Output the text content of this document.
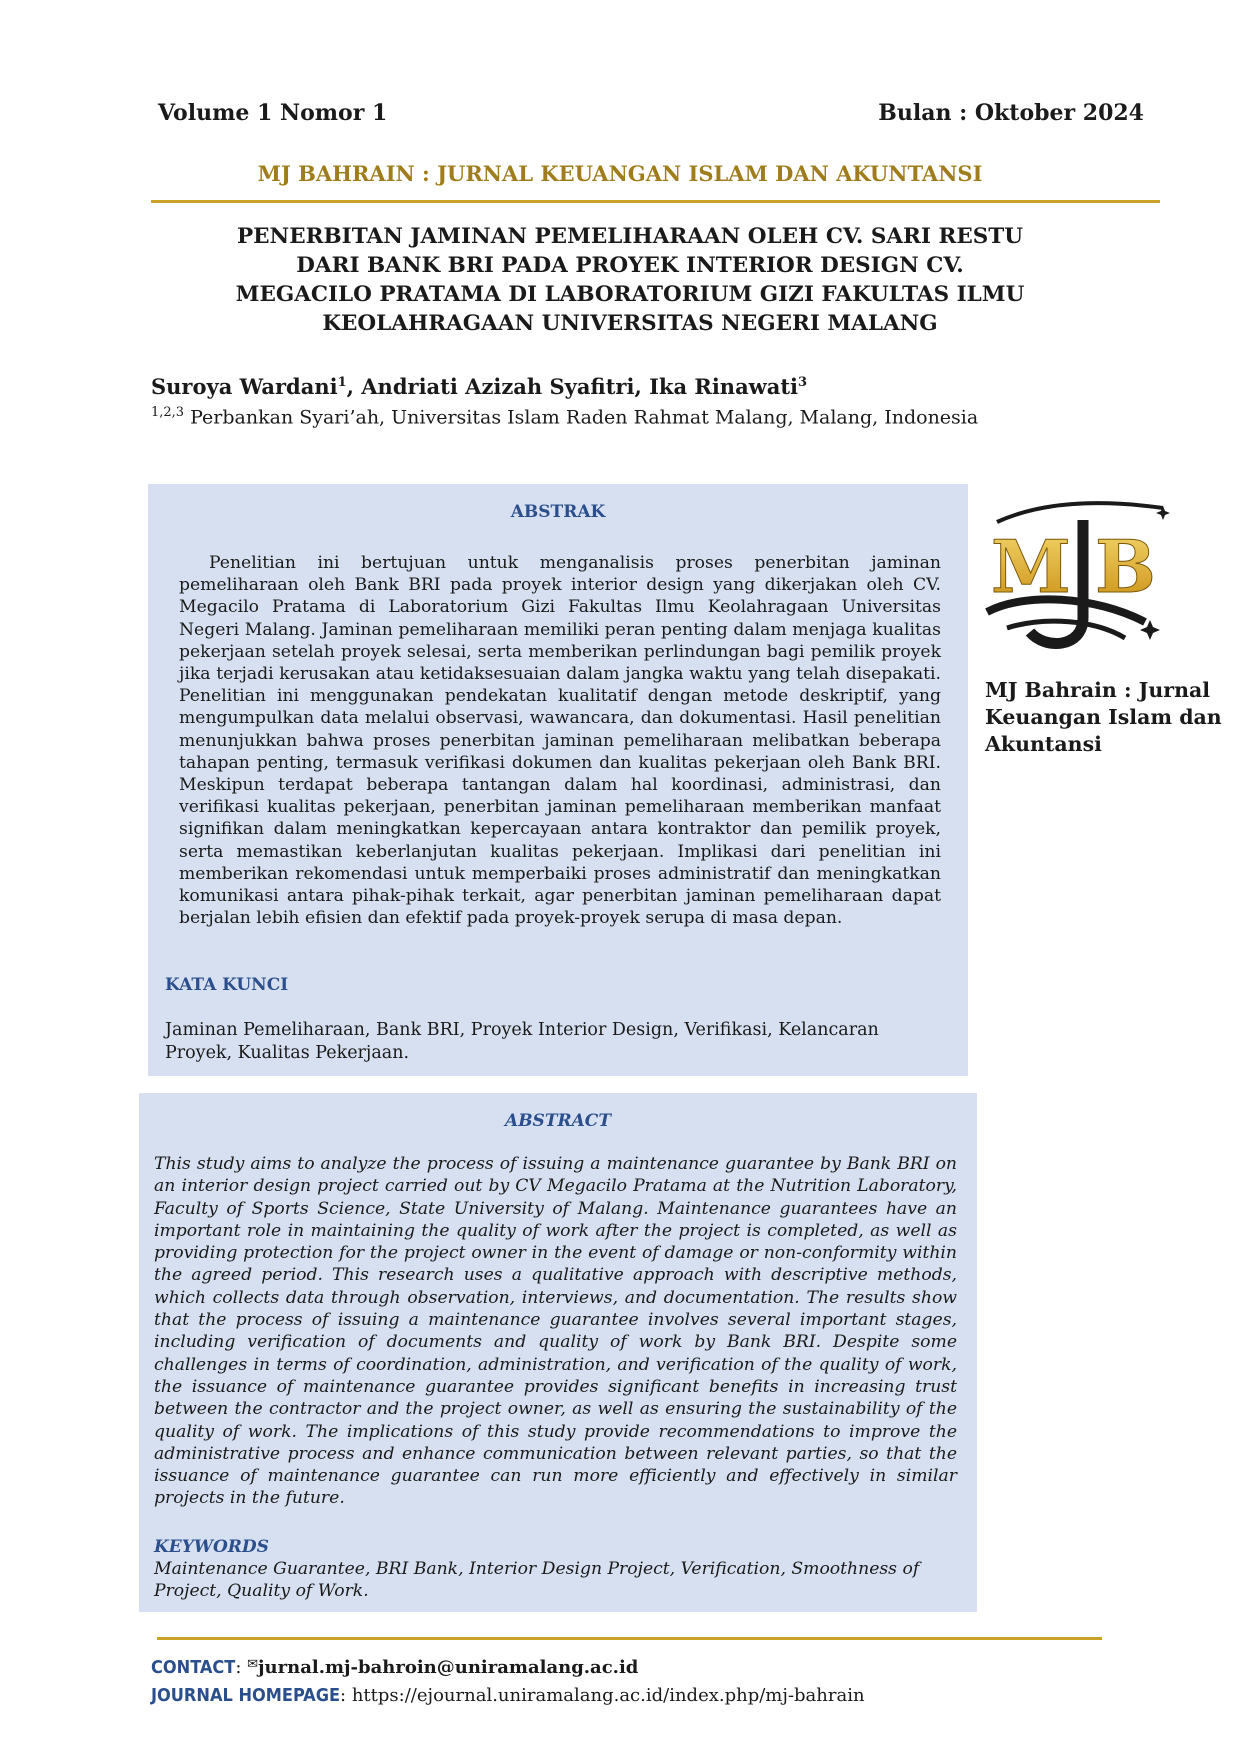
Volume 1 Nomor 1	Bulan : Oktober 2024
MJ BAHRAIN : JURNAL KEUANGAN ISLAM DAN AKUNTANSI
PENERBITAN JAMINAN PEMELIHARAAN OLEH CV. SARI RESTU
DARI BANK BRI PADA PROYEK INTERIOR DESIGN CV.
MEGACILO PRATAMA DI LABORATORIUM GIZI FAKULTAS ILMU
KEOLAHRAGAAN UNIVERSITAS NEGERI MALANG
Suroya Wardani$^1$, Andriati Azizah Syafitri, Ika Rinawati$^3$
$^{1,2,3}$ Perbankan Syari’ah, Universitas Islam Raden Rahmat Malang, Malang, Indonesia
ABSTRAK
Penelitian ini bertujuan untuk menganalisis proses penerbitan jaminan pemeliharaan oleh Bank BRI pada proyek interior design yang dikerjakan oleh CV. Megacilo Pratama di Laboratorium Gizi Fakultas Ilmu Keolahragaan Universitas Negeri Malang. Jaminan pemeliharaan memiliki peran penting dalam menjaga kualitas pekerjaan setelah proyek selesai, serta memberikan perlindungan bagi pemilik proyek jika terjadi kerusakan atau ketidaksesuaian dalam jangka waktu yang telah disepakati. Penelitian ini menggunakan pendekatan kualitatif dengan metode deskriptif, yang mengumpulkan data melalui observasi, wawancara, dan dokumentasi. Hasil penelitian menunjukkan bahwa proses penerbitan jaminan pemeliharaan melibatkan beberapa tahapan penting, termasuk verifikasi dokumen dan kualitas pekerjaan oleh Bank BRI. Meskipun terdapat beberapa tantangan dalam hal koordinasi, administrasi, dan verifikasi kualitas pekerjaan, penerbitan jaminan pemeliharaan memberikan manfaat signifikan dalam meningkatkan kepercayaan antara kontraktor dan pemilik proyek, serta memastikan keberlanjutan kualitas pekerjaan. Implikasi dari penelitian ini memberikan rekomendasi untuk memperbaiki proses administratif dan meningkatkan komunikasi antara pihak-pihak terkait, agar penerbitan jaminan pemeliharaan dapat berjalan lebih efisien dan efektif pada proyek-proyek serupa di masa depan.
KATA KUNCI
Jaminan Pemeliharaan, Bank BRI, Proyek Interior Design, Verifikasi, Kelancaran Proyek, Kualitas Pekerjaan.
M B
MJ Bahrain : Jurnal Keuangan Islam dan Akuntansi
ABSTRACT
This study aims to analyze the process of issuing a maintenance guarantee by Bank BRI on an interior design project carried out by CV Megacilo Pratama at the Nutrition Laboratory, Faculty of Sports Science, State University of Malang. Maintenance guarantees have an important role in maintaining the quality of work after the project is completed, as well as providing protection for the project owner in the event of damage or non-conformity within the agreed period. This research uses a qualitative approach with descriptive methods, which collects data through observation, interviews, and documentation. The results show that the process of issuing a maintenance guarantee involves several important stages, including verification of documents and quality of work by Bank BRI. Despite some challenges in terms of coordination, administration, and verification of the quality of work, the issuance of maintenance guarantee provides significant benefits in increasing trust between the contractor and the project owner, as well as ensuring the sustainability of the quality of work. The implications of this study provide recommendations to improve the administrative process and enhance communication between relevant parties, so that the issuance of maintenance guarantee can run more efficiently and effectively in similar projects in the future.
KEYWORDS
Maintenance Guarantee, BRI Bank, Interior Design Project, Verification, Smoothness of Project, Quality of Work.
CONTACT: ✉jurnal.mj-bahroin@uniramalang.ac.id
JOURNAL HOMEPAGE: https://ejournal.uniramalang.ac.id/index.php/mj-bahrain
